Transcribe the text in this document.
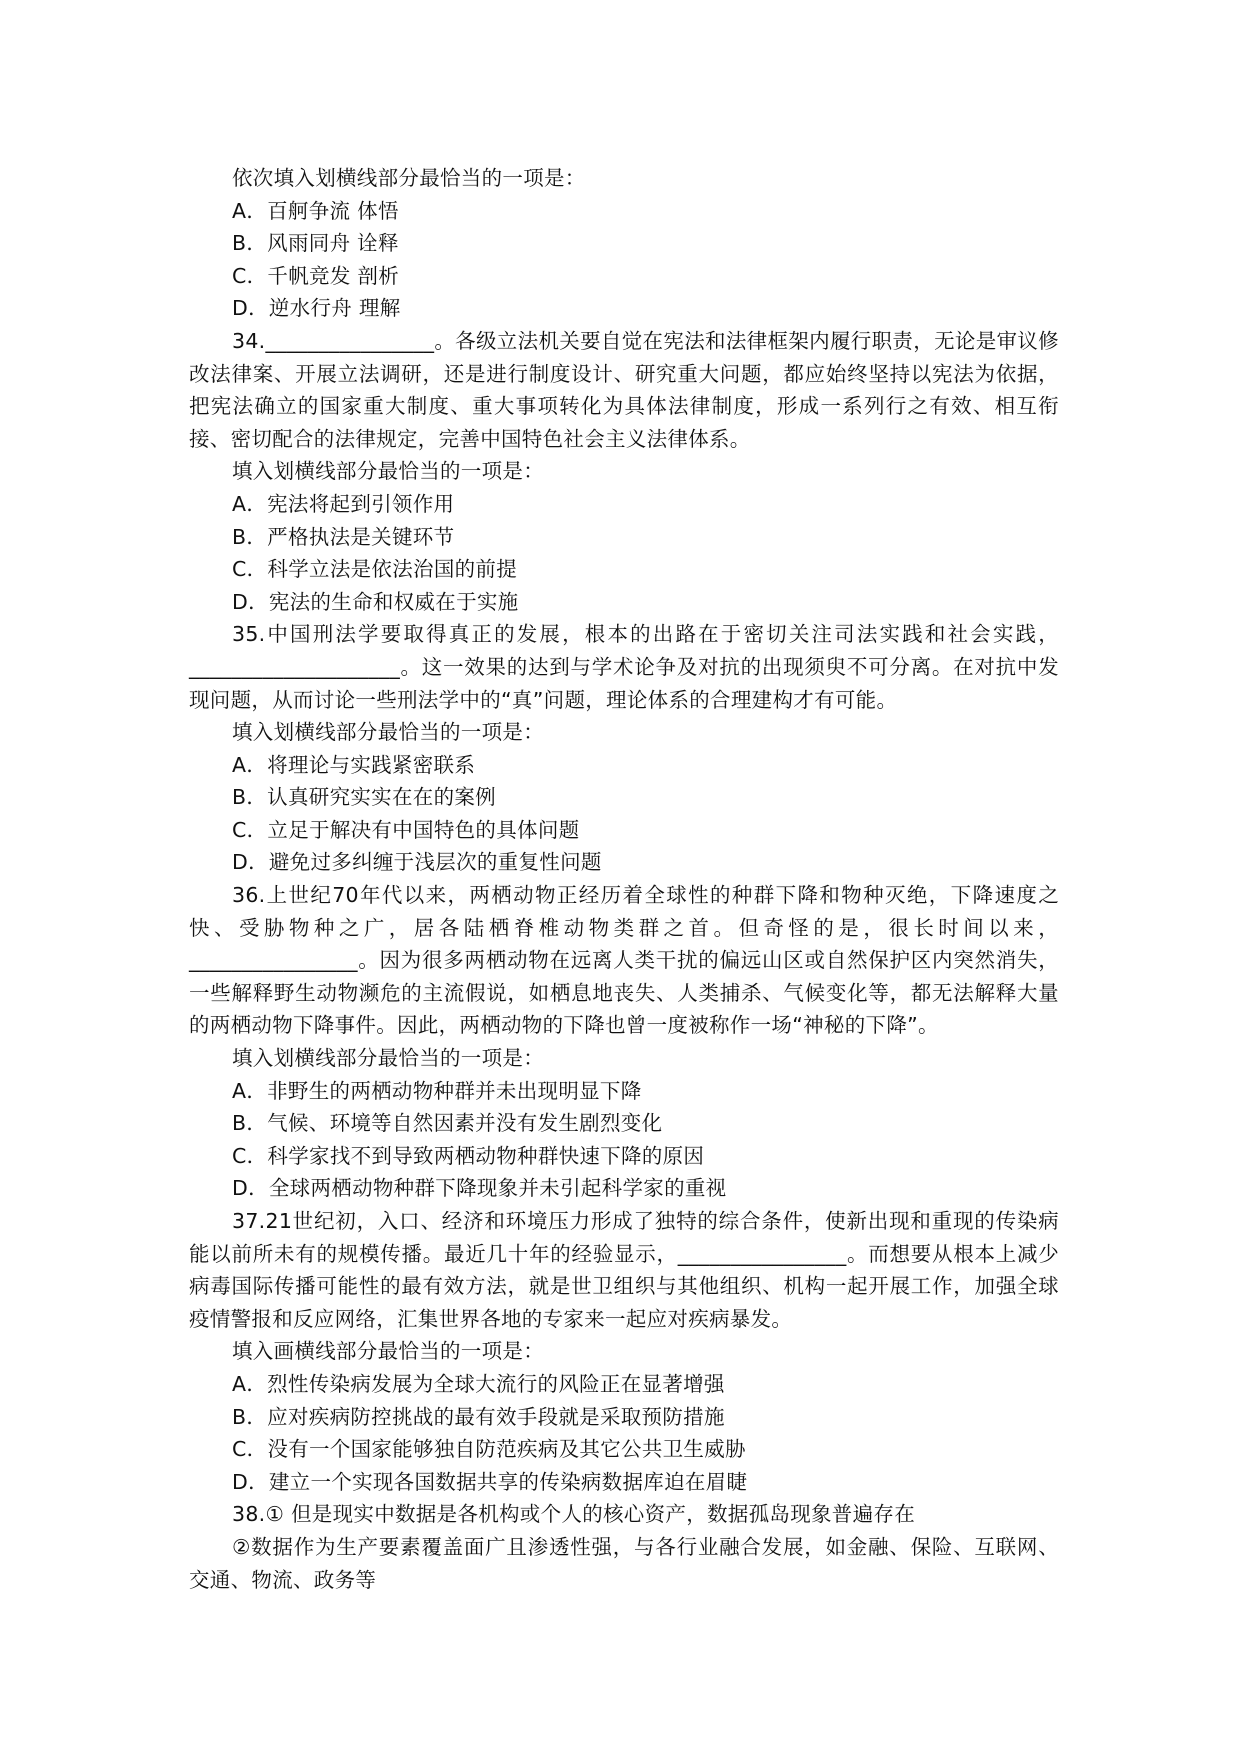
依次填入划横线部分最恰当的一项是：

A．百舸争流 体悟

B．风雨同舟 诠释

C．千帆竞发 剖析

D．逆水行舟 理解

34.________________。各级立法机关要自觉在宪法和法律框架内履行职责，无论是审议修改法律案、开展立法调研，还是进行制度设计、研究重大问题，都应始终坚持以宪法为依据，把宪法确立的国家重大制度、重大事项转化为具体法律制度，形成一系列行之有效、相互衔接、密切配合的法律规定，完善中国特色社会主义法律体系。

填入划横线部分最恰当的一项是：

A．宪法将起到引领作用

B．严格执法是关键环节

C．科学立法是依法治国的前提

D．宪法的生命和权威在于实施

35.中国刑法学要取得真正的发展，根本的出路在于密切关注司法实践和社会实践，____________________。这一效果的达到与学术论争及对抗的出现须臾不可分离。在对抗中发现问题，从而讨论一些刑法学中的“真”问题，理论体系的合理建构才有可能。

填入划横线部分最恰当的一项是：

A．将理论与实践紧密联系

B．认真研究实实在在的案例

C．立足于解决有中国特色的具体问题

D．避免过多纠缠于浅层次的重复性问题

36.上世纪70年代以来，两栖动物正经历着全球性的种群下降和物种灭绝，下降速度之快、受胁物种之广，居各陆栖脊椎动物类群之首。但奇怪的是，很长时间以来，________________。因为很多两栖动物在远离人类干扰的偏远山区或自然保护区内突然消失，一些解释野生动物濒危的主流假说，如栖息地丧失、人类捕杀、气候变化等，都无法解释大量的两栖动物下降事件。因此，两栖动物的下降也曾一度被称作一场“神秘的下降”。

填入划横线部分最恰当的一项是：

A．非野生的两栖动物种群并未出现明显下降

B．气候、环境等自然因素并没有发生剧烈变化

C．科学家找不到导致两栖动物种群快速下降的原因

D．全球两栖动物种群下降现象并未引起科学家的重视

37.21世纪初，入口、经济和环境压力形成了独特的综合条件，使新出现和重现的传染病能以前所未有的规模传播。最近几十年的经验显示，________________。而想要从根本上减少病毒国际传播可能性的最有效方法，就是世卫组织与其他组织、机构一起开展工作，加强全球疫情警报和反应网络，汇集世界各地的专家来一起应对疾病暴发。

填入画横线部分最恰当的一项是：

A．烈性传染病发展为全球大流行的风险正在显著增强

B．应对疾病防控挑战的最有效手段就是采取预防措施

C．没有一个国家能够独自防范疾病及其它公共卫生威胁

D．建立一个实现各国数据共享的传染病数据库迫在眉睫

38.① 但是现实中数据是各机构或个人的核心资产，数据孤岛现象普遍存在

②数据作为生产要素覆盖面广且渗透性强，与各行业融合发展，如金融、保险、互联网、交通、物流、政务等
